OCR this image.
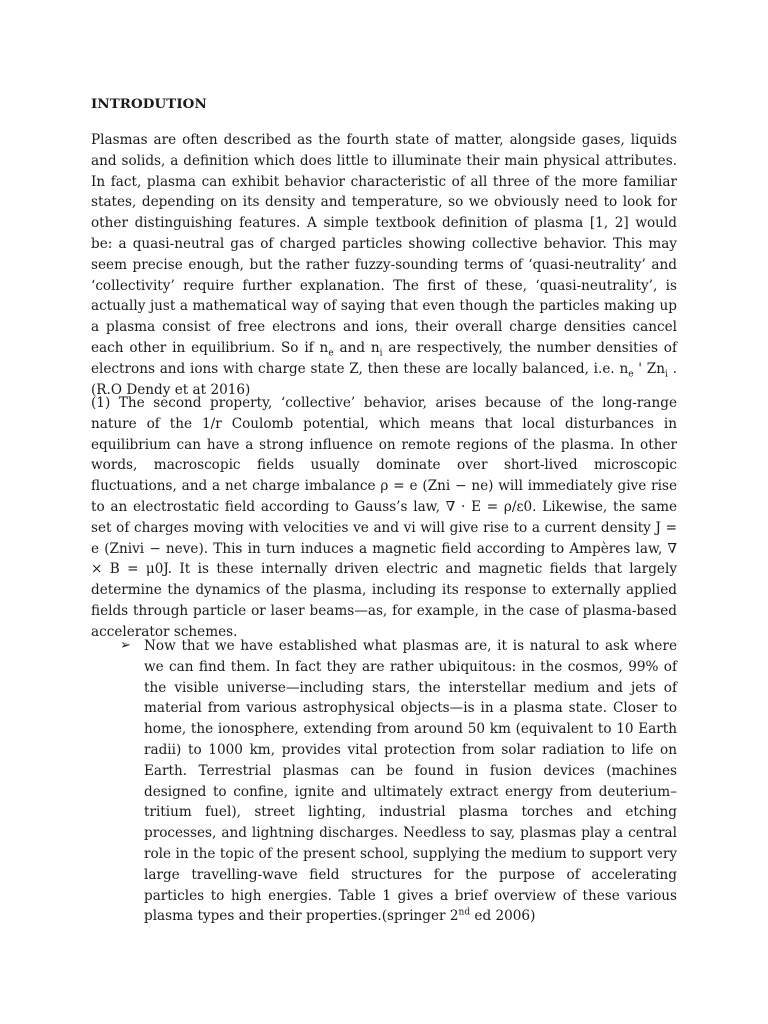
INTRODUTION

Plasmas are often described as the fourth state of matter, alongside gases, liquids and solids, a definition which does little to illuminate their main physical attributes. In fact, plasma can exhibit behavior characteristic of all three of the more familiar states, depending on its density and temperature, so we obviously need to look for other distinguishing features. A simple textbook definition of plasma [1, 2] would be: a quasi-neutral gas of charged particles showing collective behavior. This may seem precise enough, but the rather fuzzy-sounding terms of ‘quasi-neutrality’ and ‘collectivity’ require further explanation. The first of these, ‘quasi-neutrality’, is actually just a mathematical way of saying that even though the particles making up a plasma consist of free electrons and ions, their overall charge densities cancel each other in equilibrium. So if $n_e$ and $n_i$ are respectively, the number densities of electrons and ions with charge state Z, then these are locally balanced, i.e. $n_e$ ' $Zn_i$ . (R.O Dendy et at 2016)

(1) The second property, ‘collective’ behavior, arises because of the long-range nature of the 1/r Coulomb potential, which means that local disturbances in equilibrium can have a strong influence on remote regions of the plasma. In other words, macroscopic fields usually dominate over short-lived microscopic fluctuations, and a net charge imbalance ρ = e (Zni − ne) will immediately give rise to an electrostatic field according to Gauss’s law, ∇ · E = ρ/ε0. Likewise, the same set of charges moving with velocities ve and vi will give rise to a current density J = e (Znivi − neve). This in turn induces a magnetic field according to Ampères law, ∇ × B = μ0J. It is these internally driven electric and magnetic fields that largely determine the dynamics of the plasma, including its response to externally applied fields through particle or laser beams—as, for example, in the case of plasma-based accelerator schemes.

➢ Now that we have established what plasmas are, it is natural to ask where we can find them. In fact they are rather ubiquitous: in the cosmos, 99% of the visible universe—including stars, the interstellar medium and jets of material from various astrophysical objects—is in a plasma state. Closer to home, the ionosphere, extending from around 50 km (equivalent to 10 Earth radii) to 1000 km, provides vital protection from solar radiation to life on Earth. Terrestrial plasmas can be found in fusion devices (machines designed to confine, ignite and ultimately extract energy from deuterium–tritium fuel), street lighting, industrial plasma torches and etching processes, and lightning discharges. Needless to say, plasmas play a central role in the topic of the present school, supplying the medium to support very large travelling-wave field structures for the purpose of accelerating particles to high energies. Table 1 gives a brief overview of these various plasma types and their properties.(springer 2nd ed 2006)
